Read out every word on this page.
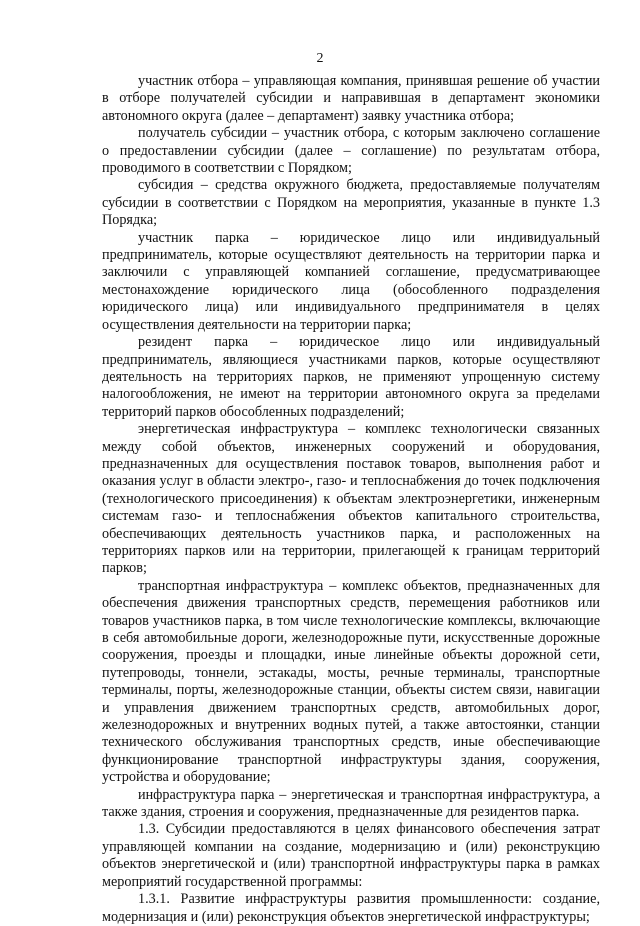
2

участник отбора – управляющая компания, принявшая решение об участии в отборе получателей субсидии и направившая в департамент экономики автономного округа (далее – департамент) заявку участника отбора;

получатель субсидии – участник отбора, с которым заключено соглашение о предоставлении субсидии (далее – соглашение) по результатам отбора, проводимого в соответствии с Порядком;

субсидия – средства окружного бюджета, предоставляемые получателям субсидии в соответствии с Порядком на мероприятия, указанные в пункте 1.3 Порядка;

участник парка – юридическое лицо или индивидуальный предприниматель, которые осуществляют деятельность на территории парка и заключили с управляющей компанией соглашение, предусматривающее местонахождение юридического лица (обособленного подразделения юридического лица) или индивидуального предпринимателя в целях осуществления деятельности на территории парка;

резидент парка – юридическое лицо или индивидуальный предприниматель, являющиеся участниками парков, которые осуществляют деятельность на территориях парков, не применяют упрощенную систему налогообложения, не имеют на территории автономного округа за пределами территорий парков обособленных подразделений;

энергетическая инфраструктура – комплекс технологически связанных между собой объектов, инженерных сооружений и оборудования, предназначенных для осуществления поставок товаров, выполнения работ и оказания услуг в области электро-, газо- и теплоснабжения до точек подключения (технологического присоединения) к объектам электроэнергетики, инженерным системам газо- и теплоснабжения объектов капитального строительства, обеспечивающих деятельность участников парка, и расположенных на территориях парков или на территории, прилегающей к границам территорий парков;

транспортная инфраструктура – комплекс объектов, предназначенных для обеспечения движения транспортных средств, перемещения работников или товаров участников парка, в том числе технологические комплексы, включающие в себя автомобильные дороги, железнодорожные пути, искусственные дорожные сооружения, проезды и площадки, иные линейные объекты дорожной сети, путепроводы, тоннели, эстакады, мосты, речные терминалы, транспортные терминалы, порты, железнодорожные станции, объекты систем связи, навигации и управления движением транспортных средств, автомобильных дорог, железнодорожных и внутренних водных путей, а также автостоянки, станции технического обслуживания транспортных средств, иные обеспечивающие функционирование транспортной инфраструктуры здания, сооружения, устройства и оборудование;

инфраструктура парка – энергетическая и транспортная инфраструктура, а также здания, строения и сооружения, предназначенные для резидентов парка.

1.3. Субсидии предоставляются в целях финансового обеспечения затрат управляющей компании на создание, модернизацию и (или) реконструкцию объектов энергетической и (или) транспортной инфраструктуры парка в рамках мероприятий государственной программы:

1.3.1. Развитие инфраструктуры развития промышленности: создание, модернизация и (или) реконструкция объектов энергетической инфраструктуры;
